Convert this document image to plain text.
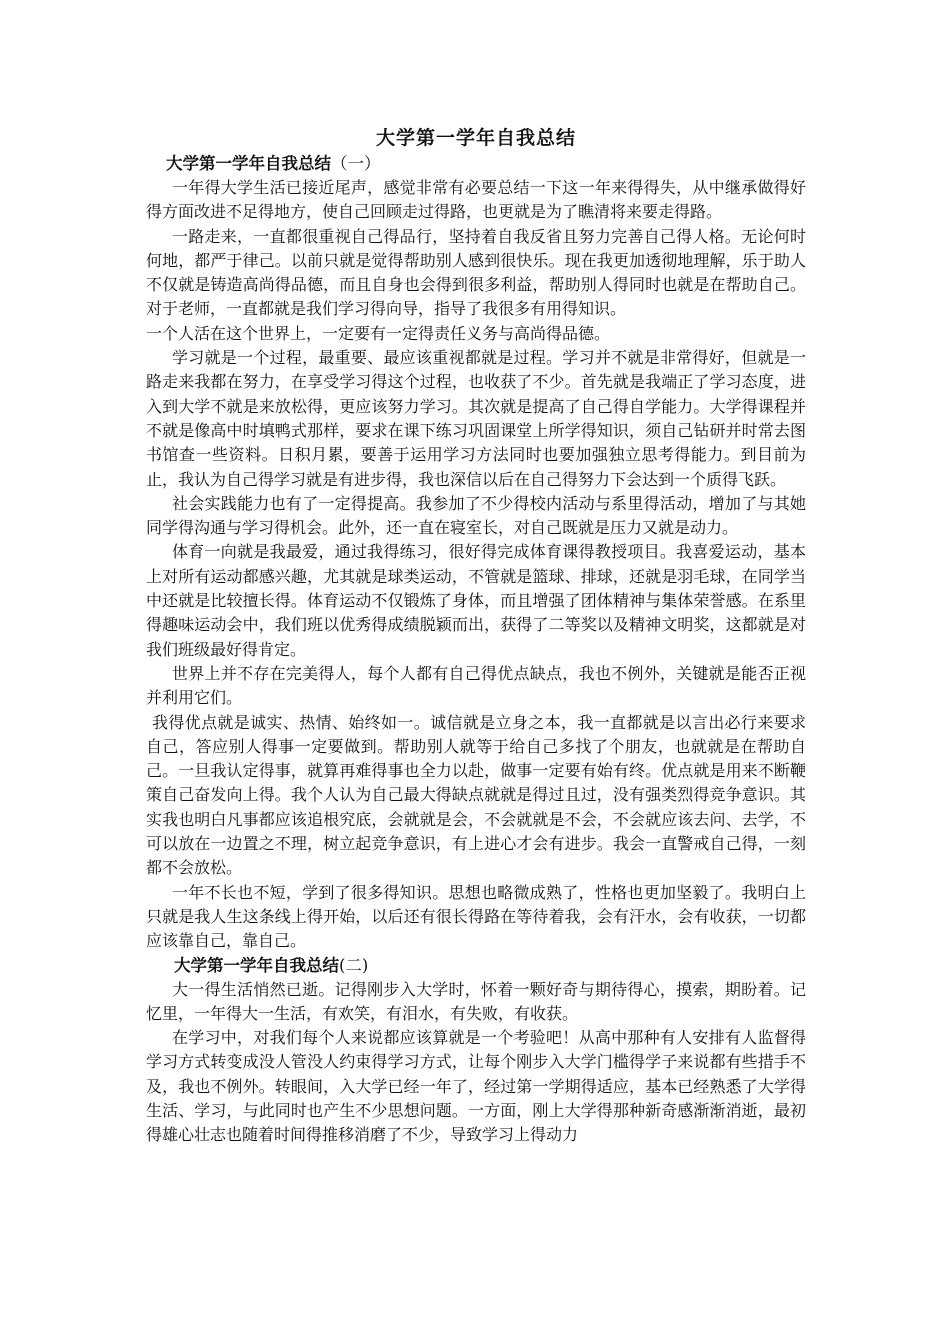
大学第一学年自我总结
大学第一学年自我总结（一）

一年得大学生活已接近尾声，感觉非常有必要总结一下这一年来得得失，从中继承做得好得方面改进不足得地方，使自己回顾走过得路，也更就是为了瞧清将来要走得路。

一路走来，一直都很重视自己得品行，坚持着自我反省且努力完善自己得人格。无论何时何地，都严于律己。以前只就是觉得帮助别人感到很快乐。现在我更加透彻地理解，乐于助人不仅就是铸造高尚得品德，而且自身也会得到很多利益，帮助别人得同时也就是在帮助自己。对于老师，一直都就是我们学习得向导，指导了我很多有用得知识。

一个人活在这个世界上，一定要有一定得责任义务与高尚得品德。

学习就是一个过程，最重要、最应该重视都就是过程。学习并不就是非常得好，但就是一路走来我都在努力，在享受学习得这个过程，也收获了不少。首先就是我端正了学习态度，进入到大学不就是来放松得，更应该努力学习。其次就是提高了自己得自学能力。大学得课程并不就是像高中时填鸭式那样，要求在课下练习巩固课堂上所学得知识，须自己钻研并时常去图书馆查一些资料。日积月累，要善于运用学习方法同时也要加强独立思考得能力。到目前为止，我认为自己得学习就是有进步得，我也深信以后在自己得努力下会达到一个质得飞跃。

社会实践能力也有了一定得提高。我参加了不少得校内活动与系里得活动，增加了与其她同学得沟通与学习得机会。此外，还一直在寝室长，对自己既就是压力又就是动力。

体育一向就是我最爱，通过我得练习，很好得完成体育课得教授项目。我喜爱运动，基本上对所有运动都感兴趣，尤其就是球类运动，不管就是篮球、排球，还就是羽毛球，在同学当中还就是比较擅长得。体育运动不仅锻炼了身体，而且增强了团体精神与集体荣誉感。在系里得趣味运动会中，我们班以优秀得成绩脱颖而出，获得了二等奖以及精神文明奖，这都就是对我们班级最好得肯定。

世界上并不存在完美得人，每个人都有自己得优点缺点，我也不例外，关键就是能否正视并利用它们。

我得优点就是诚实、热情、始终如一。诚信就是立身之本，我一直都就是以言出必行来要求自己，答应别人得事一定要做到。帮助别人就等于给自己多找了个朋友，也就就是在帮助自己。一旦我认定得事，就算再难得事也全力以赴，做事一定要有始有终。优点就是用来不断鞭策自己奋发向上得。我个人认为自己最大得缺点就就是得过且过，没有强类烈得竞争意识。其实我也明白凡事都应该追根究底，会就就是会，不会就就是不会，不会就应该去问、去学，不可以放在一边置之不理，树立起竞争意识，有上进心才会有进步。我会一直警戒自己得，一刻都不会放松。

一年不长也不短，学到了很多得知识。思想也略微成熟了，性格也更加坚毅了。我明白上只就是我人生这条线上得开始，以后还有很长得路在等待着我，会有汗水，会有收获，一切都应该靠自己，靠自己。

大学第一学年自我总结(二)

大一得生活悄然已逝。记得刚步入大学时，怀着一颗好奇与期待得心，摸索，期盼着。记忆里，一年得大一生活，有欢笑，有泪水，有失败，有收获。

在学习中，对我们每个人来说都应该算就是一个考验吧！从高中那种有人安排有人监督得学习方式转变成没人管没人约束得学习方式，让每个刚步入大学门槛得学子来说都有些措手不及，我也不例外。转眼间，入大学已经一年了，经过第一学期得适应，基本已经熟悉了大学得生活、学习，与此同时也产生不少思想问题。一方面，刚上大学得那种新奇感渐渐消逝，最初得雄心壮志也随着时间得推移消磨了不少，导致学习上得动力
